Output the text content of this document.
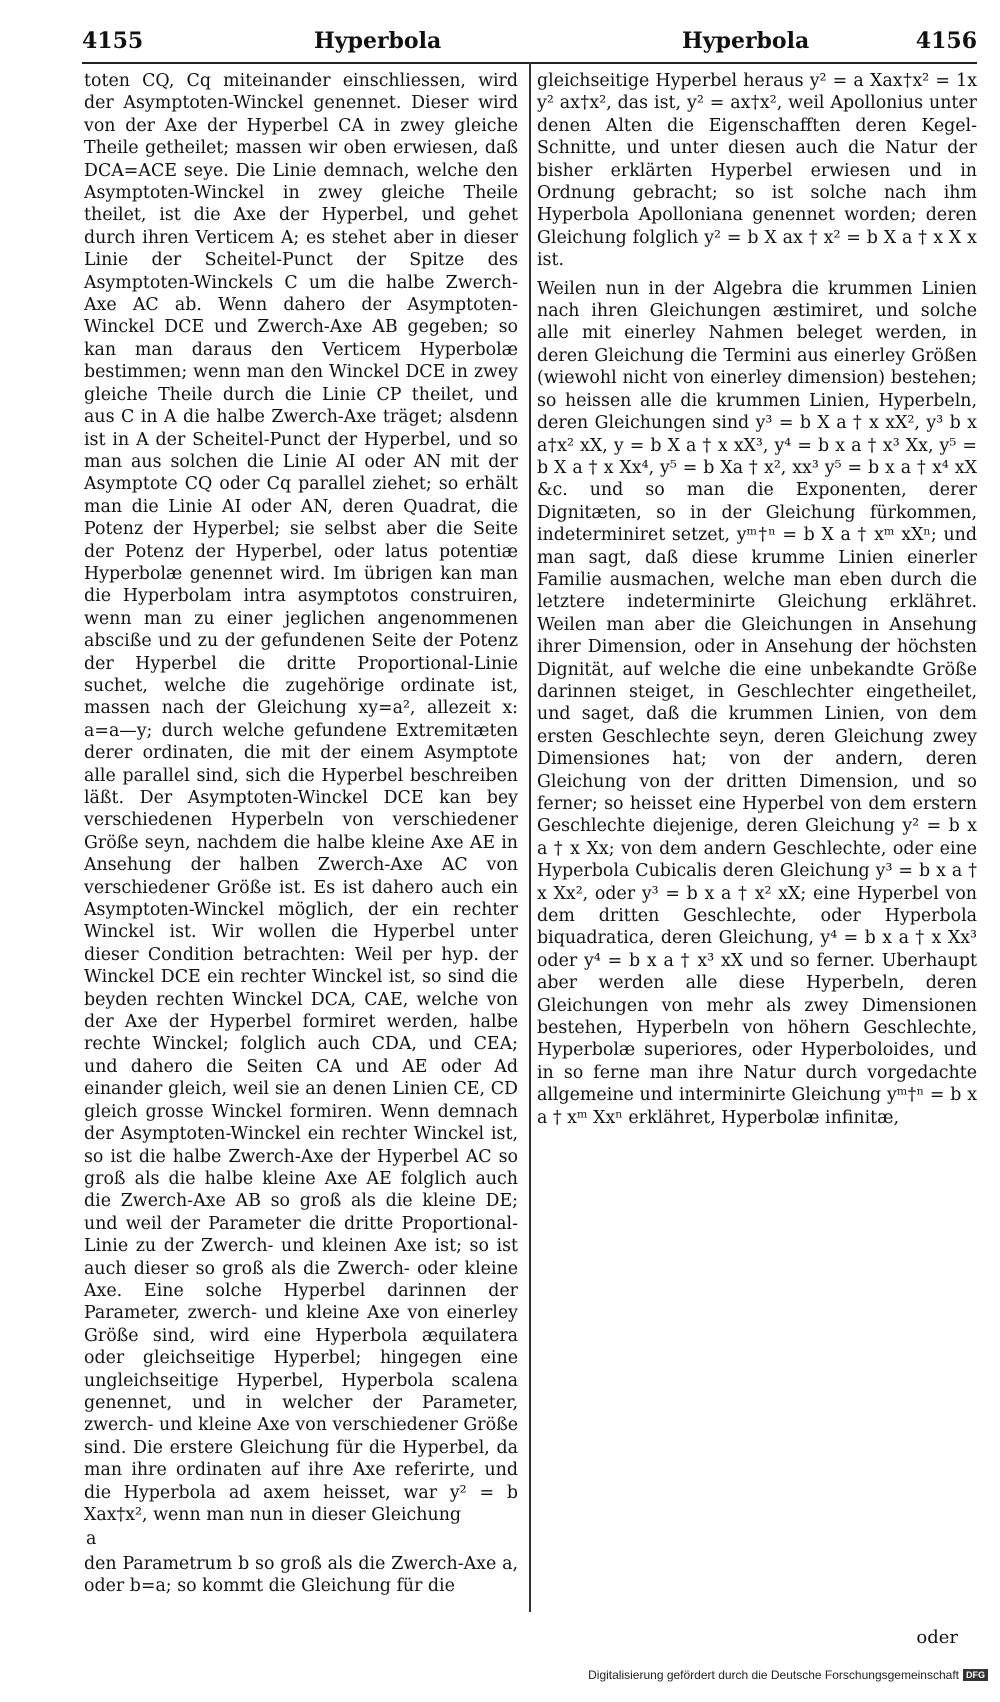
4155	Hyperbola	Hyperbola	4156

toten CQ, Cq miteinander einschliessen, wird der Asymptoten-Winckel genennet. Dieser wird von der Axe der Hyperbel CA in zwey gleiche Theile getheilet; massen wir oben erwiesen, daß DCA=ACE seye. Die Linie demnach, welche den Asymptoten-Winckel in zwey gleiche Theile theilet, ist die Axe der Hyperbel, und gehet durch ihren Verticem A; es stehet aber in dieser Linie der Scheitel-Punct der Spitze des Asymptoten-Winckels C um die halbe Zwerch-Axe AC ab. Wenn dahero der Asymptoten-Winckel DCE und Zwerch-Axe AB gegeben; so kan man daraus den Verticem Hyperbolæ bestimmen; wenn man den Winckel DCE in zwey gleiche Theile durch die Linie CP theilet, und aus C in A die halbe Zwerch-Axe träget; alsdenn ist in A der Scheitel-Punct der Hyperbel, und so man aus solchen die Linie AI oder AN mit der Asymptote CQ oder Cq parallel ziehet; so erhält man die Linie AI oder AN, deren Quadrat, die Potenz der Hyperbel; sie selbst aber die Seite der Potenz der Hyperbel, oder latus potentiæ Hyperbolæ genennet wird. Im übrigen kan man die Hyperbolam intra asymptotos construiren, wenn man zu einer jeglichen angenommenen absciße und zu der gefundenen Seite der Potenz der Hyperbel die dritte Proportional-Linie suchet, welche die zugehörige ordinate ist, massen nach der Gleichung xy=a², allezeit x: a=a—y; durch welche gefundene Extremitæten derer ordinaten, die mit der einem Asymptote alle parallel sind, sich die Hyperbel beschreiben läßt. Der Asymptoten-Winckel DCE kan bey verschiedenen Hyperbeln von verschiedener Größe seyn, nachdem die halbe kleine Axe AE in Ansehung der halben Zwerch-Axe AC von verschiedener Größe ist. Es ist dahero auch ein Asymptoten-Winckel möglich, der ein rechter Winckel ist. Wir wollen die Hyperbel unter dieser Condition betrachten: Weil per hyp. der Winckel DCE ein rechter Winckel ist, so sind die beyden rechten Winckel DCA, CAE, welche von der Axe der Hyperbel formiret werden, halbe rechte Winckel; folglich auch CDA, und CEA; und dahero die Seiten CA und AE oder Ad einander gleich, weil sie an denen Linien CE, CD gleich grosse Winckel formiren. Wenn demnach der Asymptoten-Winckel ein rechter Winckel ist, so ist die halbe Zwerch-Axe der Hyperbel AC so groß als die halbe kleine Axe AE folglich auch die Zwerch-Axe AB so groß als die kleine DE; und weil der Parameter die dritte Proportional-Linie zu der Zwerch- und kleinen Axe ist; so ist auch dieser so groß als die Zwerch- oder kleine Axe. Eine solche Hyperbel darinnen der Parameter, zwerch- und kleine Axe von einerley Größe sind, wird eine Hyperbola æquilatera oder gleichseitige Hyperbel; hingegen eine ungleichseitige Hyperbel, Hyperbola scalena genennet, und in welcher der Parameter, zwerch- und kleine Axe von verschiedener Größe sind. Die erstere Gleichung für die Hyperbel, da man ihre ordinaten auf ihre Axe referirte, und die Hyperbola ad axem heisset, war y² = b Xax†x², wenn man nun in dieser Gleichung

a

den Parametrum b so groß als die Zwerch-Axe a, oder b=a; so kommt die Gleichung für die

gleichseitige Hyperbel heraus y² = a Xax†x² = 1x y² ax†x², das ist, y² = ax†x², weil Apollonius unter denen Alten die Eigenschafften deren Kegel-Schnitte, und unter diesen auch die Natur der bisher erklärten Hyperbel erwiesen und in Ordnung gebracht; so ist solche nach ihm Hyperbola Apolloniana genennet worden; deren Gleichung folglich y² = b X ax † x² = b X a † x X x ist.

Weilen nun in der Algebra die krummen Linien nach ihren Gleichungen æstimiret, und solche alle mit einerley Nahmen beleget werden, in deren Gleichung die Termini aus einerley Größen (wiewohl nicht von einerley dimension) bestehen; so heissen alle die krummen Linien, Hyperbeln, deren Gleichungen sind y³ = b X a † x xX², y³ b x a†x² xX, y = b X a † x xX³, y⁴ = b x a † x³ Xx, y⁵ = b X a † x Xx⁴, y⁵ = b Xa † x², xx³ y⁵ = b x a † x⁴ xX &c. und so man die Exponenten, derer Dignitæten, so in der Gleichung fürkommen, indeterminiret setzet, yᵐ†ⁿ = b X a † xᵐ xXⁿ; und man sagt, daß diese krumme Linien einerler Familie ausmachen, welche man eben durch die letztere indeterminirte Gleichung erklähret. Weilen man aber die Gleichungen in Ansehung ihrer Dimension, oder in Ansehung der höchsten Dignität, auf welche die eine unbekandte Größe darinnen steiget, in Geschlechter eingetheilet, und saget, daß die krummen Linien, von dem ersten Geschlechte seyn, deren Gleichung zwey Dimensiones hat; von der andern, deren Gleichung von der dritten Dimension, und so ferner; so heisset eine Hyperbel von dem erstern Geschlechte diejenige, deren Gleichung y² = b x a † x Xx; von dem andern Geschlechte, oder eine Hyperbola Cubicalis deren Gleichung y³ = b x a † x Xx², oder y³ = b x a † x² xX; eine Hyperbel von dem dritten Geschlechte, oder Hyperbola biquadratica, deren Gleichung, y⁴ = b x a † x Xx³ oder y⁴ = b x a † x³ xX und so ferner. Uberhaupt aber werden alle diese Hyperbeln, deren Gleichungen von mehr als zwey Dimensionen bestehen, Hyperbeln von höhern Geschlechte, Hyperbolæ superiores, oder Hyperboloides, und in so ferne man ihre Natur durch vorgedachte allgemeine und interminirte Gleichung yᵐ†ⁿ = b x a † xᵐ Xxⁿ erklähret, Hyperbolæ infinitæ,

oder
Digitalisierung gefördert durch die Deutsche Forschungsgemeinschaft DFG
